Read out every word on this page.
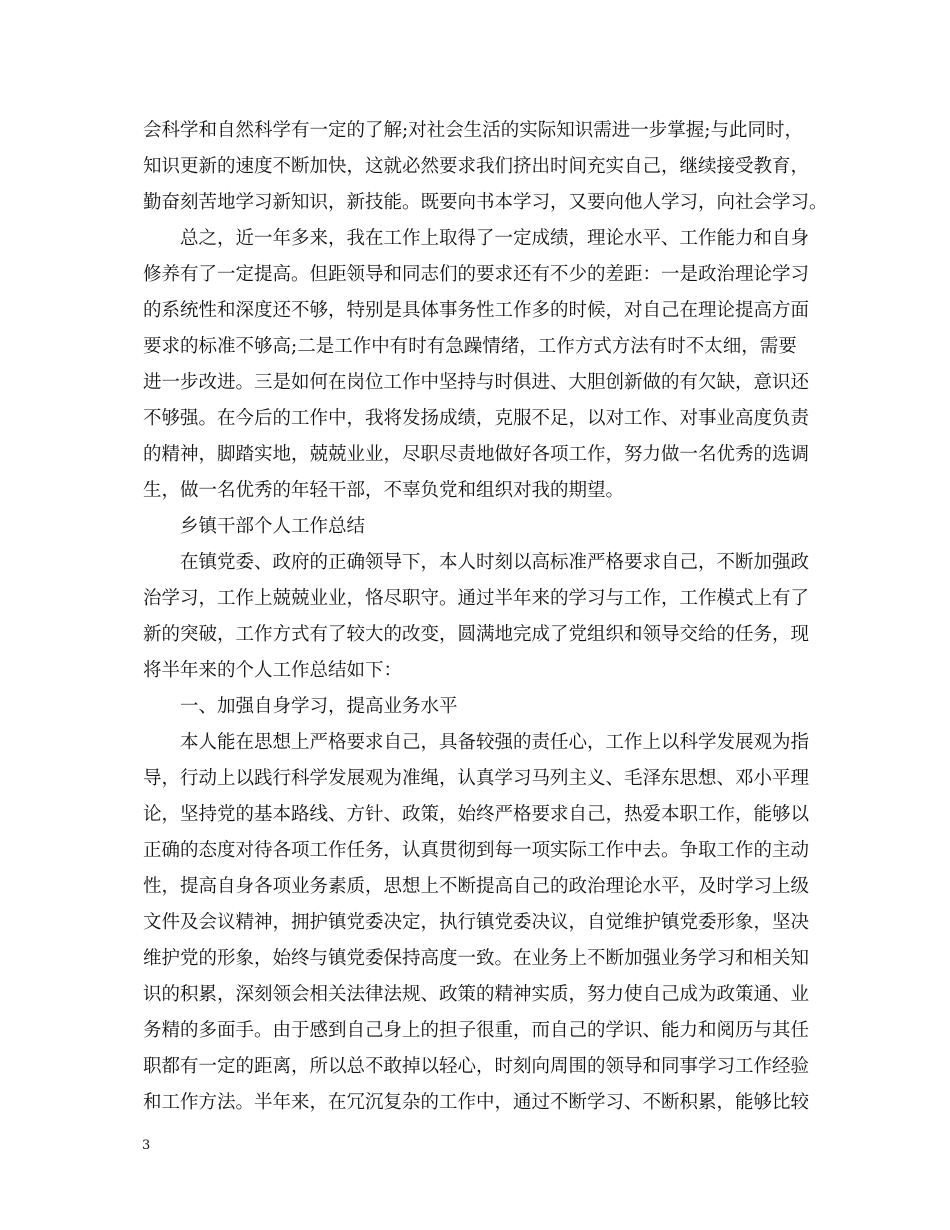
会科学和自然科学有一定的了解;对社会生活的实际知识需进一步掌握;与此同时，
知识更新的速度不断加快，这就必然要求我们挤出时间充实自己，继续接受教育，
勤奋刻苦地学习新知识，新技能。既要向书本学习，又要向他人学习，向社会学习。
总之，近一年多来，我在工作上取得了一定成绩，理论水平、工作能力和自身
修养有了一定提高。但距领导和同志们的要求还有不少的差距：一是政治理论学习
的系统性和深度还不够，特别是具体事务性工作多的时候，对自己在理论提高方面
要求的标准不够高;二是工作中有时有急躁情绪，工作方式方法有时不太细，需要
进一步改进。三是如何在岗位工作中坚持与时俱进、大胆创新做的有欠缺，意识还
不够强。在今后的工作中，我将发扬成绩，克服不足，以对工作、对事业高度负责
的精神，脚踏实地，兢兢业业，尽职尽责地做好各项工作，努力做一名优秀的选调
生，做一名优秀的年轻干部，不辜负党和组织对我的期望。
乡镇干部个人工作总结
在镇党委、政府的正确领导下，本人时刻以高标准严格要求自己，不断加强政
治学习，工作上兢兢业业，恪尽职守。通过半年来的学习与工作，工作模式上有了
新的突破，工作方式有了较大的改变，圆满地完成了党组织和领导交给的任务，现
将半年来的个人工作总结如下：
一、加强自身学习，提高业务水平
本人能在思想上严格要求自己，具备较强的责任心，工作上以科学发展观为指
导，行动上以践行科学发展观为准绳，认真学习马列主义、毛泽东思想、邓小平理
论，坚持党的基本路线、方针、政策，始终严格要求自己，热爱本职工作，能够以
正确的态度对待各项工作任务，认真贯彻到每一项实际工作中去。争取工作的主动
性，提高自身各项业务素质，思想上不断提高自己的政治理论水平，及时学习上级
文件及会议精神，拥护镇党委决定，执行镇党委决议，自觉维护镇党委形象，坚决
维护党的形象，始终与镇党委保持高度一致。在业务上不断加强业务学习和相关知
识的积累，深刻领会相关法律法规、政策的精神实质，努力使自己成为政策通、业
务精的多面手。由于感到自己身上的担子很重，而自己的学识、能力和阅历与其任
职都有一定的距离，所以总不敢掉以轻心，时刻向周围的领导和同事学习工作经验
和工作方法。半年来，在冗沉复杂的工作中，通过不断学习、不断积累，能够比较
3
